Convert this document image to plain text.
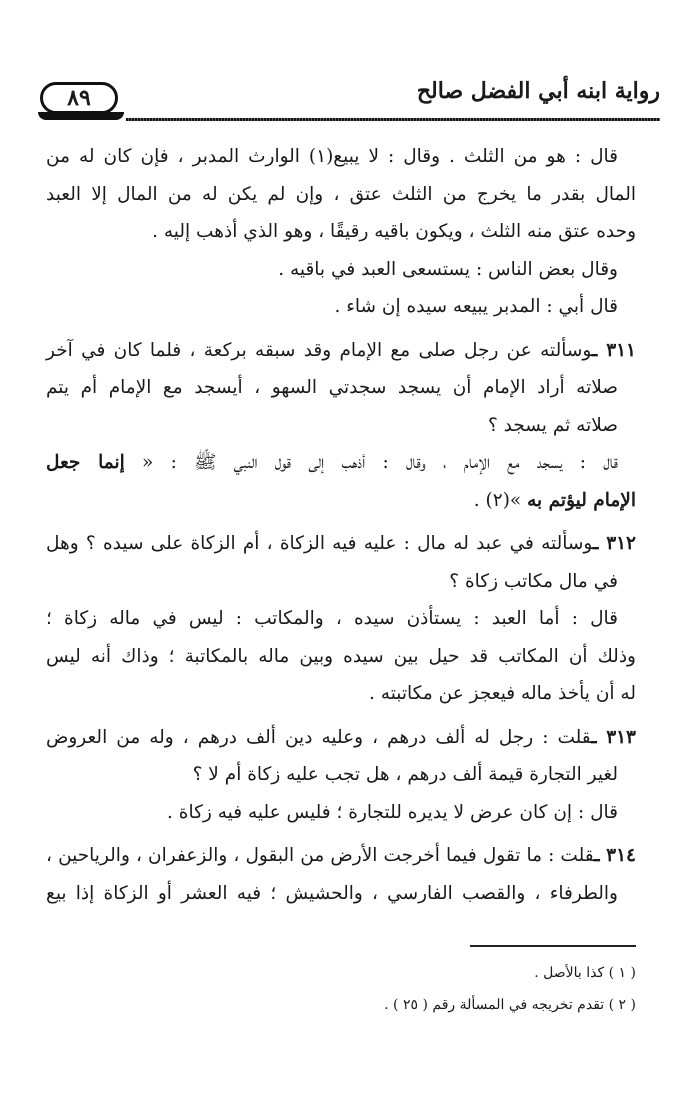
٨٩	رواية ابنه أبي الفضل صالح
قال : هو من الثلث . وقال : لا يبيع(١) الوارث المدبر ، فإن كان له من
المال بقدر ما يخرج من الثلث عتق ، وإن لم يكن له من المال إلا العبد
وحده عتق منه الثلث ، ويكون باقيه رقيقًا ، وهو الذي أذهب إليه .
وقال بعض الناس : يستسعى العبد في باقيه .
قال أبي : المدبر يبيعه سيده إن شاء .
٣١١ ـوسألته عن رجل صلى مع الإمام وقد سبقه بركعة ، فلما كان في آخر
صلاته أراد الإمام أن يسجد سجدتي السهو ، أيسجد مع الإمام أم يتم
صلاته ثم يسجد ؟
قال : يسجد مع الإمام ، وقال : أذهب إلى قول النبي ﷺ : « إنما جعل
الإمام ليؤتم به »(٢) .
٣١٢ ـوسألته في عبد له مال : عليه فيه الزكاة ، أم الزكاة على سيده ؟ وهل
في مال مكاتب زكاة ؟
قال : أما العبد : يستأذن سيده ، والمكاتب : ليس في ماله زكاة ؛
وذلك أن المكاتب قد حيل بين سيده وبين ماله بالمكاتبة ؛ وذاك أنه ليس
له أن يأخذ ماله فيعجز عن مكاتبته .
٣١٣ ـقلت : رجل له ألف درهم ، وعليه دين ألف درهم ، وله من العروض
لغير التجارة قيمة ألف درهم ، هل تجب عليه زكاة أم لا ؟
قال : إن كان عرض لا يديره للتجارة ؛ فليس عليه فيه زكاة .
٣١٤ ـقلت : ما تقول فيما أخرجت الأرض من البقول ، والزعفران ، والرياحين ،
والطرفاء ، والقصب الفارسي ، والحشيش ؛ فيه العشر أو الزكاة إذا بيع
( ١ ) كذا بالأصل .
( ٢ ) تقدم تخريجه في المسألة رقم ( ٢٥ ) .
